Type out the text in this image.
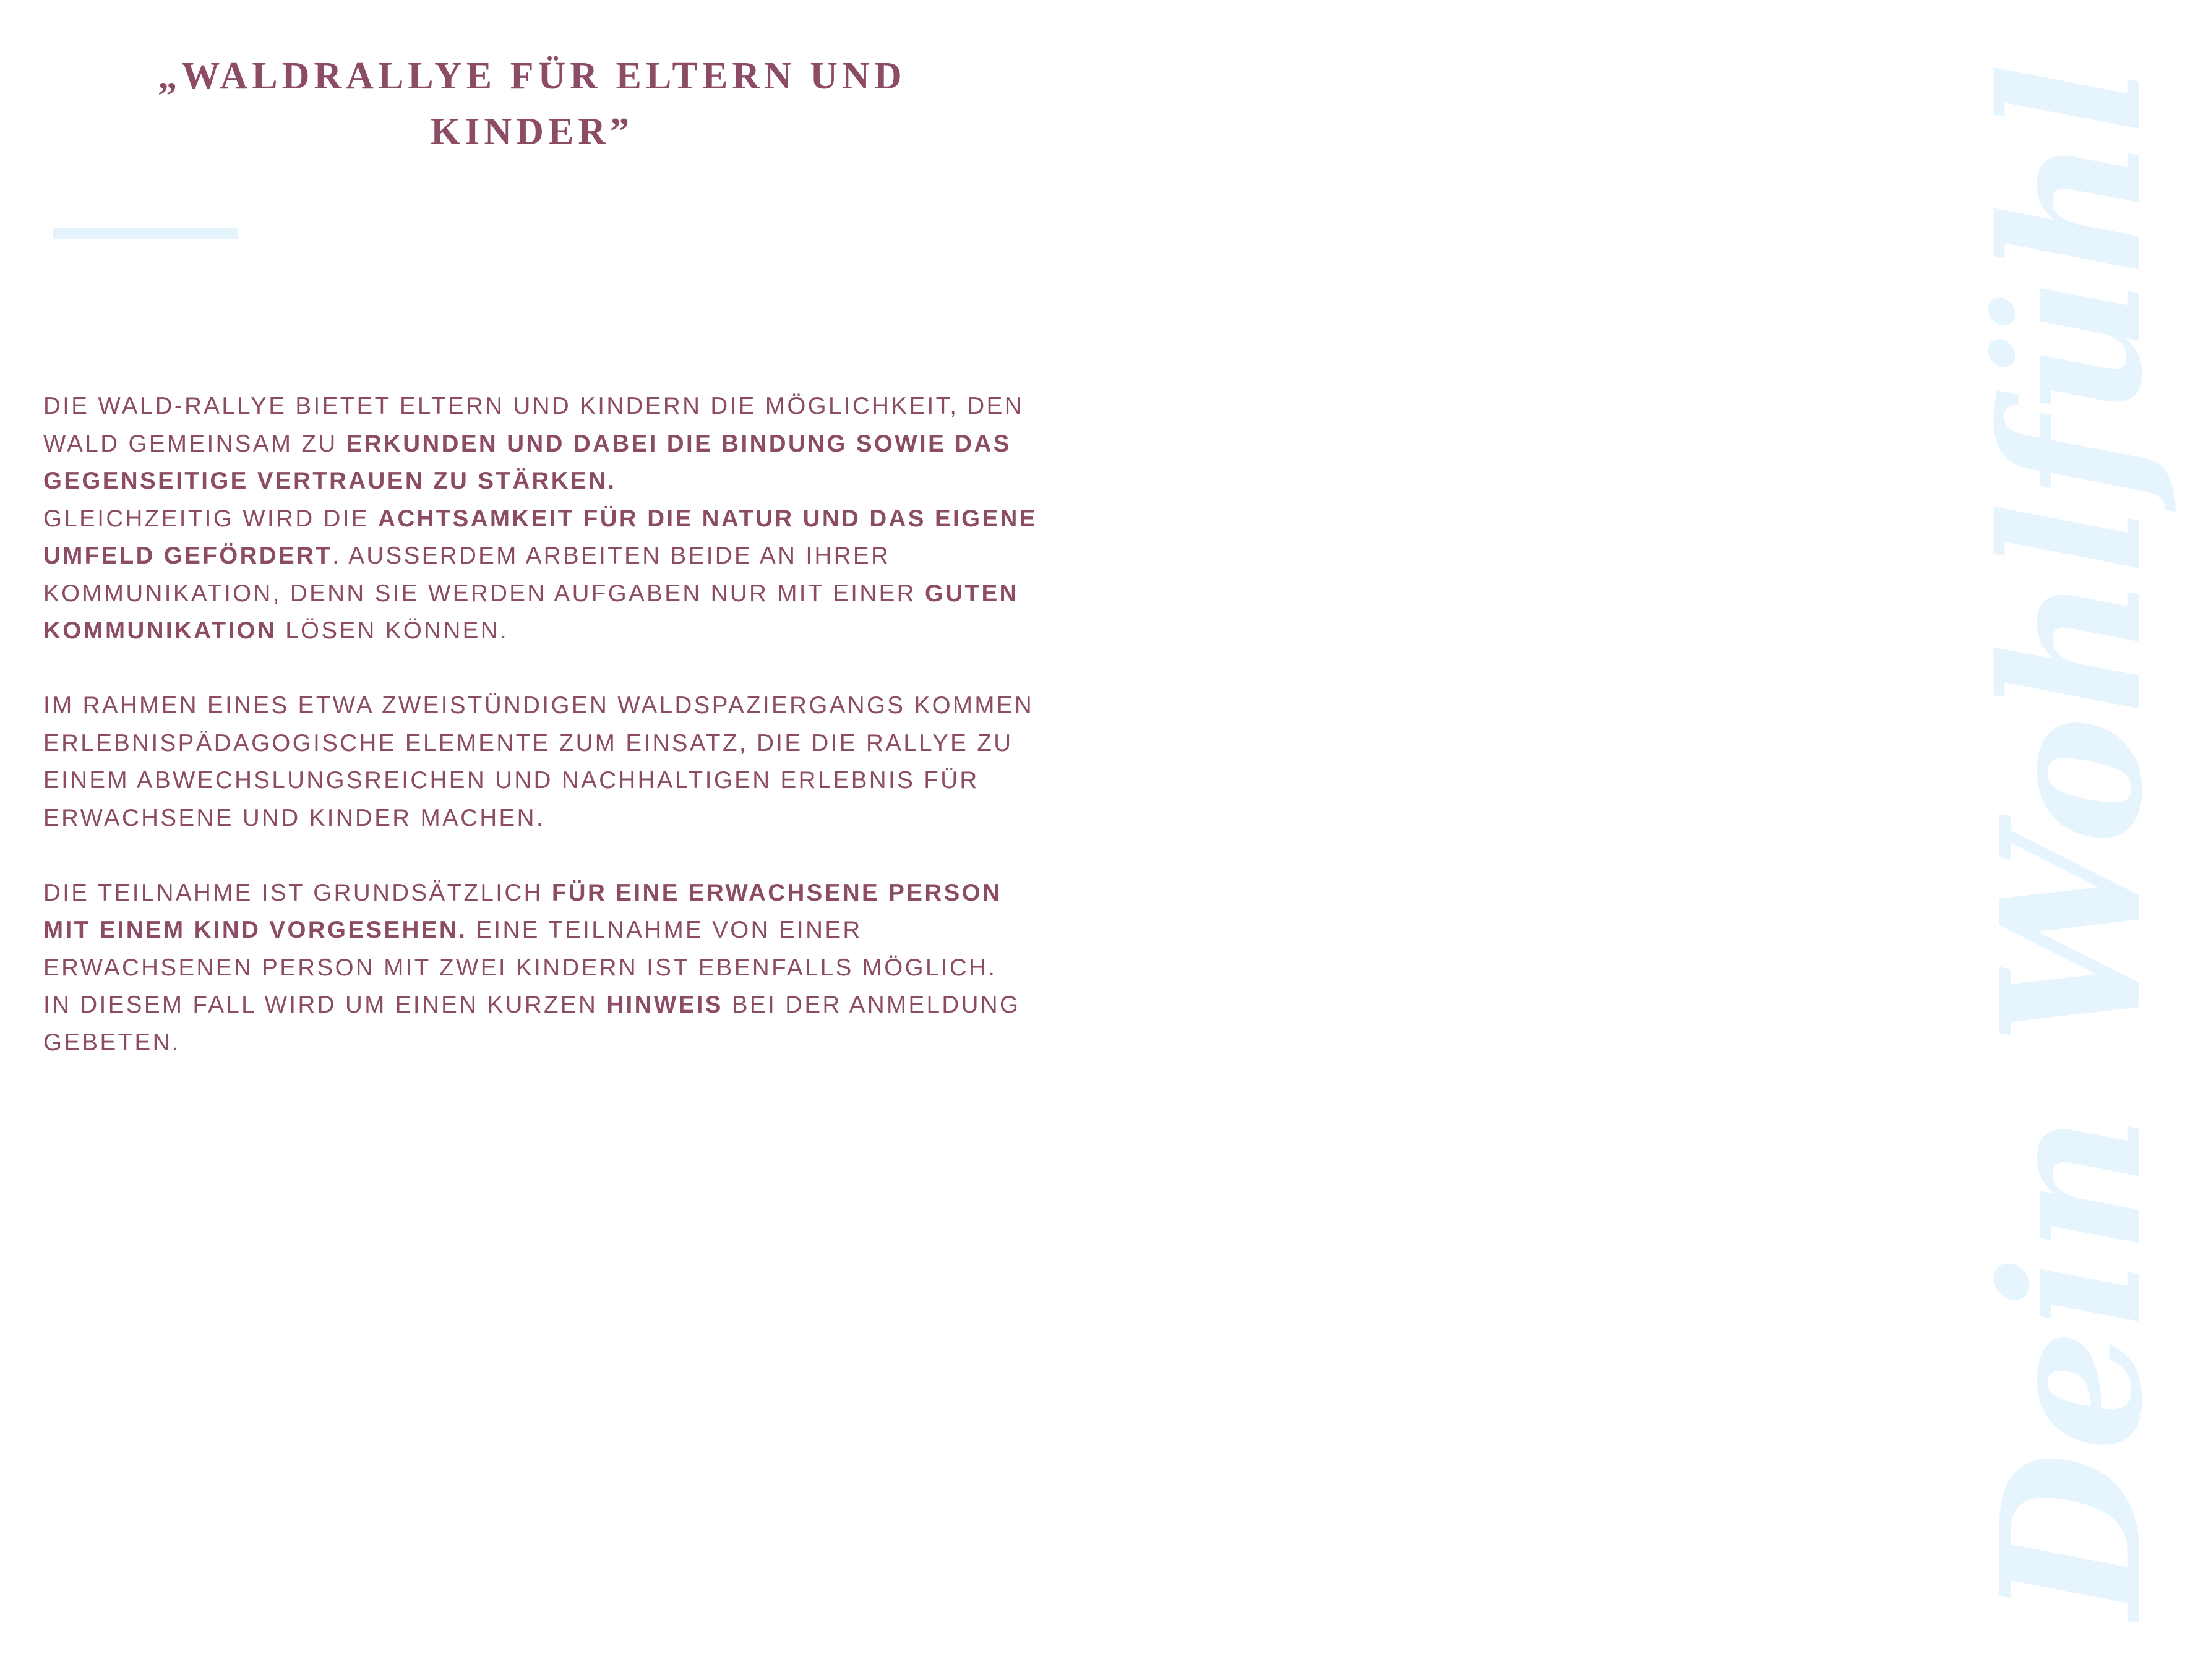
Dein Wohlfühl
„WALDRALLYE FÜR ELTERN UND
KINDER”

DIE WALD-RALLYE BIETET ELTERN UND KINDERN DIE MÖGLICHKEIT, DEN
WALD GEMEINSAM ZU ERKUNDEN UND DABEI DIE BINDUNG SOWIE DAS
GEGENSEITIGE VERTRAUEN ZU STÄRKEN.
GLEICHZEITIG WIRD DIE ACHTSAMKEIT FÜR DIE NATUR UND DAS EIGENE
UMFELD GEFÖRDERT. AUSSERDEM ARBEITEN BEIDE AN IHRER
KOMMUNIKATION, DENN SIE WERDEN AUFGABEN NUR MIT EINER GUTEN
KOMMUNIKATION LÖSEN KÖNNEN.

IM RAHMEN EINES ETWA ZWEISTÜNDIGEN WALDSPAZIERGANGS KOMMEN
ERLEBNISPÄDAGOGISCHE ELEMENTE ZUM EINSATZ, DIE DIE RALLYE ZU
EINEM ABWECHSLUNGSREICHEN UND NACHHALTIGEN ERLEBNIS FÜR
ERWACHSENE UND KINDER MACHEN.

DIE TEILNAHME IST GRUNDSÄTZLICH FÜR EINE ERWACHSENE PERSON
MIT EINEM KIND VORGESEHEN. EINE TEILNAHME VON EINER
ERWACHSENEN PERSON MIT ZWEI KINDERN IST EBENFALLS MÖGLICH.
IN DIESEM FALL WIRD UM EINEN KURZEN HINWEIS BEI DER ANMELDUNG
GEBETEN.
